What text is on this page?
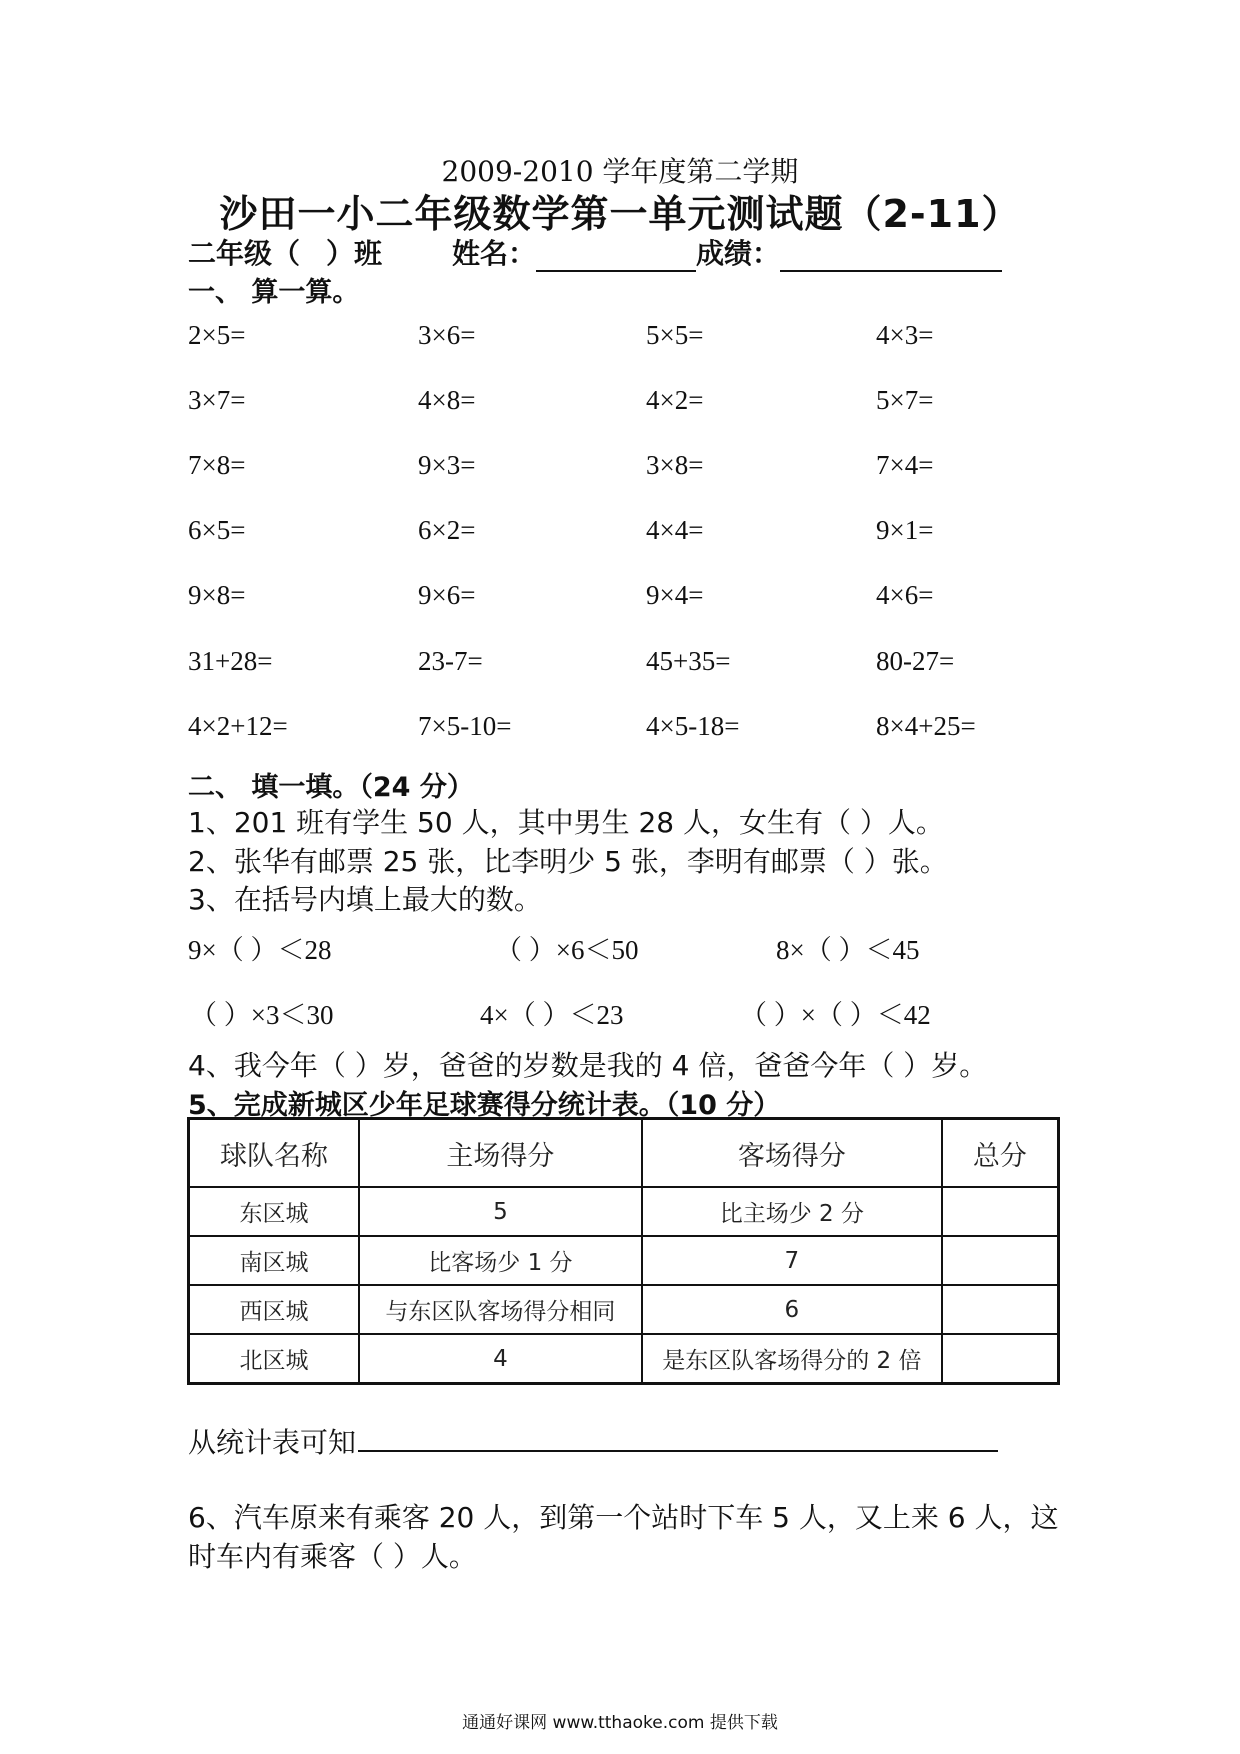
2009-2010 学年度第二学期
沙田一小二年级数学第一单元测试题（2-11）
二年级（ ）班	姓名：	成绩：
一、 算一算。
2×5=	3×6=	5×5=	4×3=
3×7=	4×8=	4×2=	5×7=
7×8=	9×3=	3×8=	7×4=
6×5=	6×2=	4×4=	9×1=
9×8=	9×6=	9×4=	4×6=
31+28=	23-7=	45+35=	80-27=
4×2+12=	7×5-10=	4×5-18=	8×4+25=
二、 填一填。（24 分）
1、201 班有学生 50 人，其中男生 28 人，女生有（ ）人。
2、张华有邮票 25 张，比李明少 5 张，李明有邮票（ ）张。
3、在括号内填上最大的数。
9×（ ）＜28	（ ）×6＜50	8×（ ）＜45
（ ）×3＜30	4×（ ）＜23	（ ）×（ ）＜42
4、我今年（ ）岁，爸爸的岁数是我的 4 倍，爸爸今年（ ）岁。
5、完成新城区少年足球赛得分统计表。（10 分）
球队名称	主场得分	客场得分	总分
东区城	5	比主场少 2 分	
南区城	比客场少 1 分	7	
西区城	与东区队客场得分相同	6	
北区城	4	是东区队客场得分的 2 倍	
从统计表可知
6、汽车原来有乘客 20 人，到第一个站时下车 5 人，又上来 6 人，这
时车内有乘客（ ）人。
通通好课网 www.tthaoke.com 提供下载
